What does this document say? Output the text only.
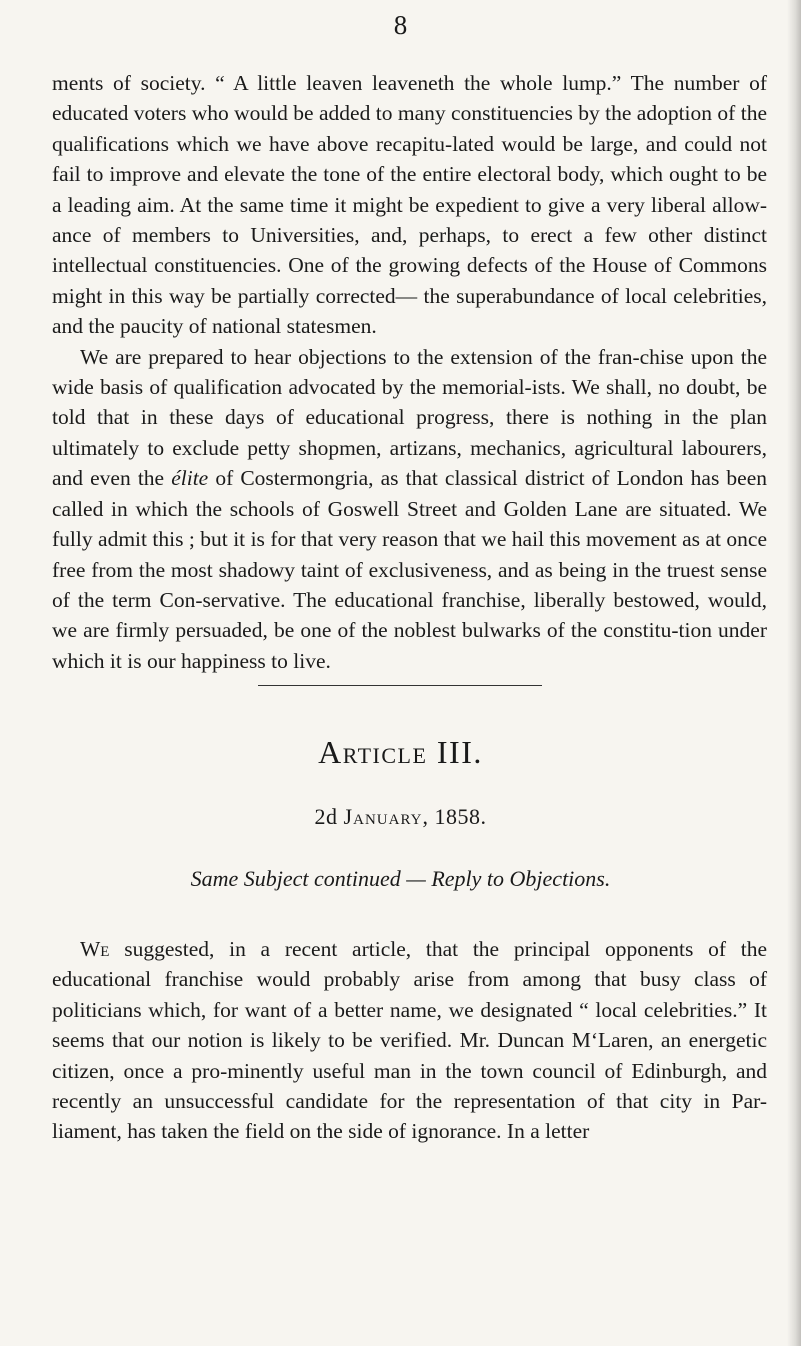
8

ments of society. “ A little leaven leaveneth the whole lump.” The number of educated voters who would be added to many constituencies by the adoption of the qualifications which we have above recapitu-lated would be large, and could not fail to improve and elevate the tone of the entire electoral body, which ought to be a leading aim. At the same time it might be expedient to give a very liberal allow-ance of members to Universities, and, perhaps, to erect a few other distinct intellectual constituencies. One of the growing defects of the House of Commons might in this way be partially corrected— the superabundance of local celebrities, and the paucity of national statesmen.

We are prepared to hear objections to the extension of the fran-chise upon the wide basis of qualification advocated by the memorial-ists. We shall, no doubt, be told that in these days of educational progress, there is nothing in the plan ultimately to exclude petty shopmen, artizans, mechanics, agricultural labourers, and even the élite of Costermongria, as that classical district of London has been called in which the schools of Goswell Street and Golden Lane are situated. We fully admit this ; but it is for that very reason that we hail this movement as at once free from the most shadowy taint of exclusiveness, and as being in the truest sense of the term Con-servative. The educational franchise, liberally bestowed, would, we are firmly persuaded, be one of the noblest bulwarks of the constitu-tion under which it is our happiness to live.

Article III.
2d January, 1858.
Same Subject continued — Reply to Objections.

We suggested, in a recent article, that the principal opponents of the educational franchise would probably arise from among that busy class of politicians which, for want of a better name, we designated “ local celebrities.” It seems that our notion is likely to be verified. Mr. Duncan M‘Laren, an energetic citizen, once a pro-minently useful man in the town council of Edinburgh, and recently an unsuccessful candidate for the representation of that city in Par-liament, has taken the field on the side of ignorance. In a letter
